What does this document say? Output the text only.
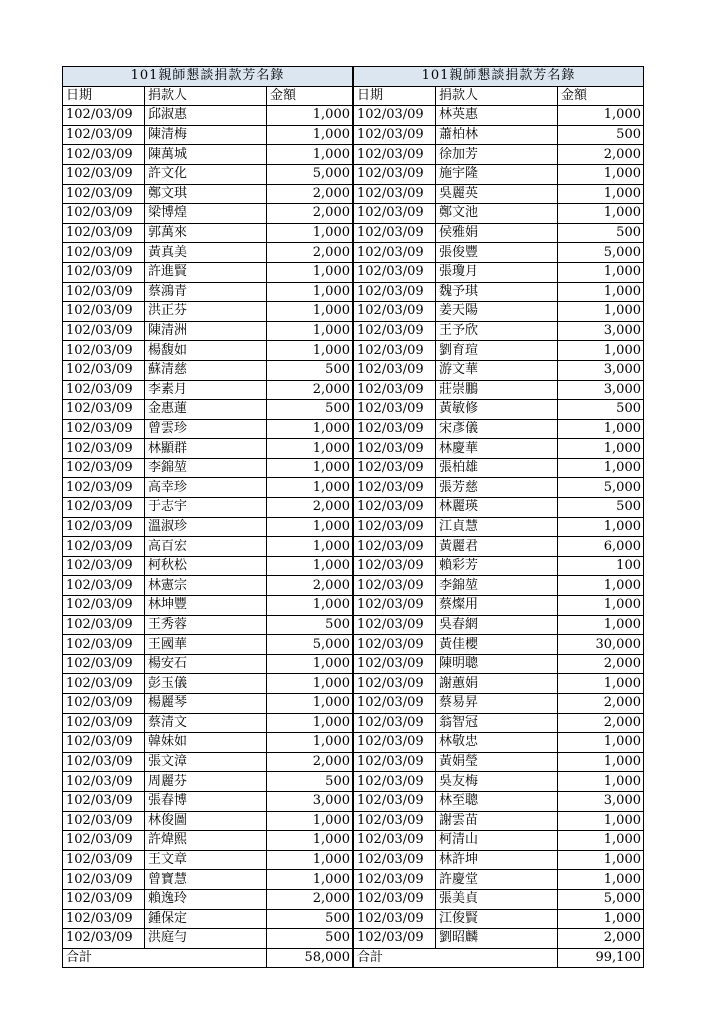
101親師懇談捐款芳名錄		
日期	捐款人	金額
102/03/09	邱淑惠	1,000
102/03/09	陳清梅	1,000
102/03/09	陳萬城	1,000
102/03/09	許文化	5,000
102/03/09	鄭文琪	2,000
102/03/09	梁博煌	2,000
102/03/09	郭萬來	1,000
102/03/09	黃真美	2,000
102/03/09	許進賢	1,000
102/03/09	蔡鴻青	1,000
102/03/09	洪正芬	1,000
102/03/09	陳清洲	1,000
102/03/09	楊馥如	1,000
102/03/09	蘇清慈	500
102/03/09	李素月	2,000
102/03/09	金惠蓮	500
102/03/09	曾雲珍	1,000
102/03/09	林顯群	1,000
102/03/09	李錦堃	1,000
102/03/09	高幸珍	1,000
102/03/09	于志宇	2,000
102/03/09	溫淑珍	1,000
102/03/09	高百宏	1,000
102/03/09	柯秋松	1,000
102/03/09	林憲宗	2,000
102/03/09	林坤豐	1,000
102/03/09	王秀蓉	500
102/03/09	王國華	5,000
102/03/09	楊安石	1,000
102/03/09	彭玉儀	1,000
102/03/09	楊麗琴	1,000
102/03/09	蔡清文	1,000
102/03/09	韓妹如	1,000
102/03/09	張文漳	2,000
102/03/09	周麗芬	500
102/03/09	張春博	3,000
102/03/09	林俊圖	1,000
102/03/09	許煒熙	1,000
102/03/09	王文章	1,000
102/03/09	曾寶慧	1,000
102/03/09	賴逸玲	2,000
102/03/09	鍾保定	500
102/03/09	洪庭勻	500
合計		58,000
101親師懇談捐款芳名錄		
日期	捐款人	金額
102/03/09	林英惠	1,000
102/03/09	蕭柏林	500
102/03/09	徐加芳	2,000
102/03/09	施宇隆	1,000
102/03/09	吳麗英	1,000
102/03/09	鄭文池	1,000
102/03/09	侯雅娟	500
102/03/09	張俊豐	5,000
102/03/09	張瓊月	1,000
102/03/09	魏予琪	1,000
102/03/09	姜天陽	1,000
102/03/09	王予欣	3,000
102/03/09	劉育瑄	1,000
102/03/09	游文華	3,000
102/03/09	莊崇鵬	3,000
102/03/09	黃敏修	500
102/03/09	宋彥儀	1,000
102/03/09	林慶華	1,000
102/03/09	張柏雄	1,000
102/03/09	張芳慈	5,000
102/03/09	林麗瑛	500
102/03/09	江貞慧	1,000
102/03/09	黃麗君	6,000
102/03/09	賴彩芳	100
102/03/09	李錦堃	1,000
102/03/09	蔡燦用	1,000
102/03/09	吳春網	1,000
102/03/09	黃佳櫻	30,000
102/03/09	陳明聰	2,000
102/03/09	謝蕙娟	1,000
102/03/09	蔡易昇	2,000
102/03/09	翁智冠	2,000
102/03/09	林敬忠	1,000
102/03/09	黃娟瑩	1,000
102/03/09	吳友梅	1,000
102/03/09	林至聰	3,000
102/03/09	謝雲苗	1,000
102/03/09	柯清山	1,000
102/03/09	林許坤	1,000
102/03/09	許慶堂	1,000
102/03/09	張美貞	5,000
102/03/09	江俊賢	1,000
102/03/09	劉昭麟	2,000
合計		99,100
